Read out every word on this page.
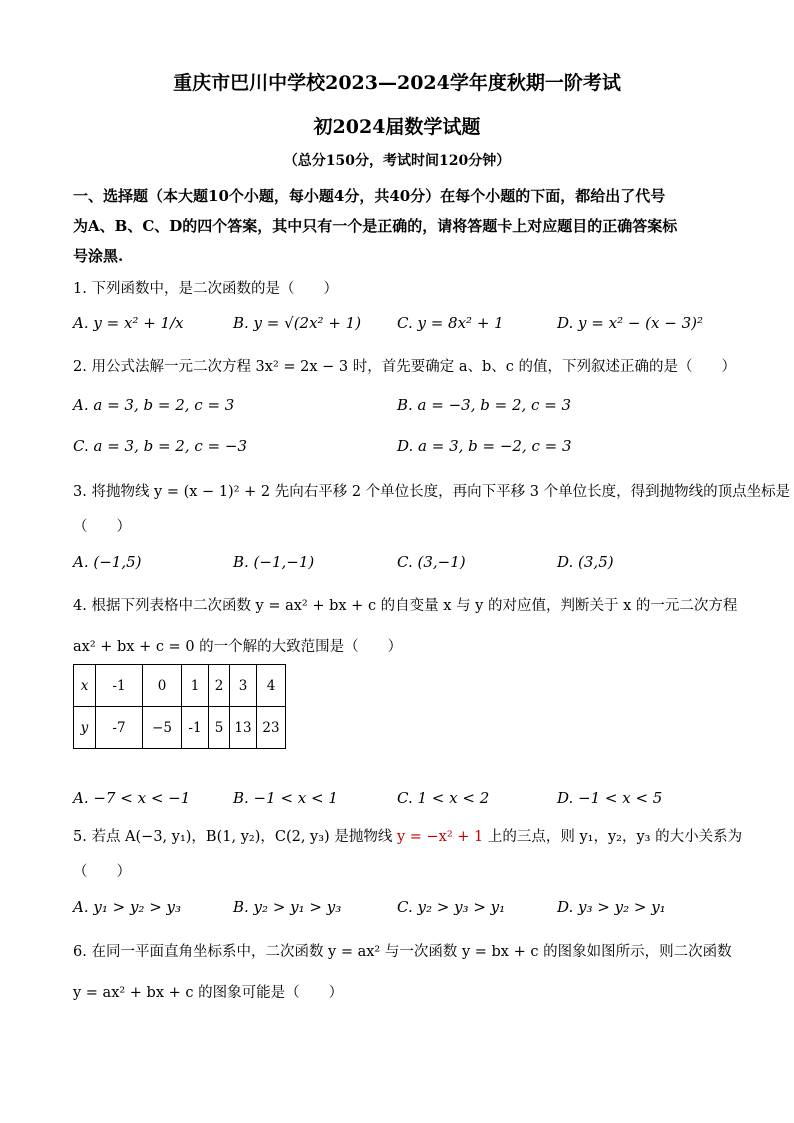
重庆市巴川中学校2023—2024学年度秋期一阶考试
初2024届数学试题
（总分150分，考试时间120分钟）
一、选择题（本大题10个小题，每小题4分，共40分）在每个小题的下面，都给出了代号
为A、B、C、D的四个答案，其中只有一个是正确的，请将答题卡上对应题目的正确答案标
号涂黑.
1. 下列函数中，是二次函数的是（　　）
A. y = x² + 1/x	B. y = √(2x² + 1) C. y = 8x² + 1	D. y = x² − (x − 3)²
2. 用公式法解一元二次方程 3x² = 2x − 3 时，首先要确定 a、b、c 的值，下列叙述正确的是（　　）
A. a = 3, b = 2, c = 3	B. a = −3, b = 2, c = 3
C. a = 3, b = 2, c = −3	D. a = 3, b = −2, c = 3
3. 将抛物线 y = (x − 1)² + 2 先向右平移 2 个单位长度，再向下平移 3 个单位长度，得到抛物线的顶点坐标是
（　　）
A. (−1,5)	B. (−1,−1)	C. (3,−1)	D. (3,5)
4. 根据下列表格中二次函数 y = ax² + bx + c 的自变量 x 与 y 的对应值，判断关于 x 的一元二次方程
ax² + bx + c = 0 的一个解的大致范围是（　　）
x	-1	0	1	2	3	4
y	-7	−5	-1	5	13	23
A. −7 < x < −1	B. −1 < x < 1	C. 1 < x < 2	D. −1 < x < 5
5. 若点 A(−3, y₁)，B(1, y₂)，C(2, y₃) 是抛物线 y = −x² + 1 上的三点，则 y₁，y₂，y₃ 的大小关系为
（　　）
A. y₁ > y₂ > y₃	B. y₂ > y₁ > y₃	C. y₂ > y₃ > y₁	D. y₃ > y₂ > y₁
6. 在同一平面直角坐标系中，二次函数 y = ax² 与一次函数 y = bx + c 的图象如图所示，则二次函数
y = ax² + bx + c 的图象可能是（　　）
